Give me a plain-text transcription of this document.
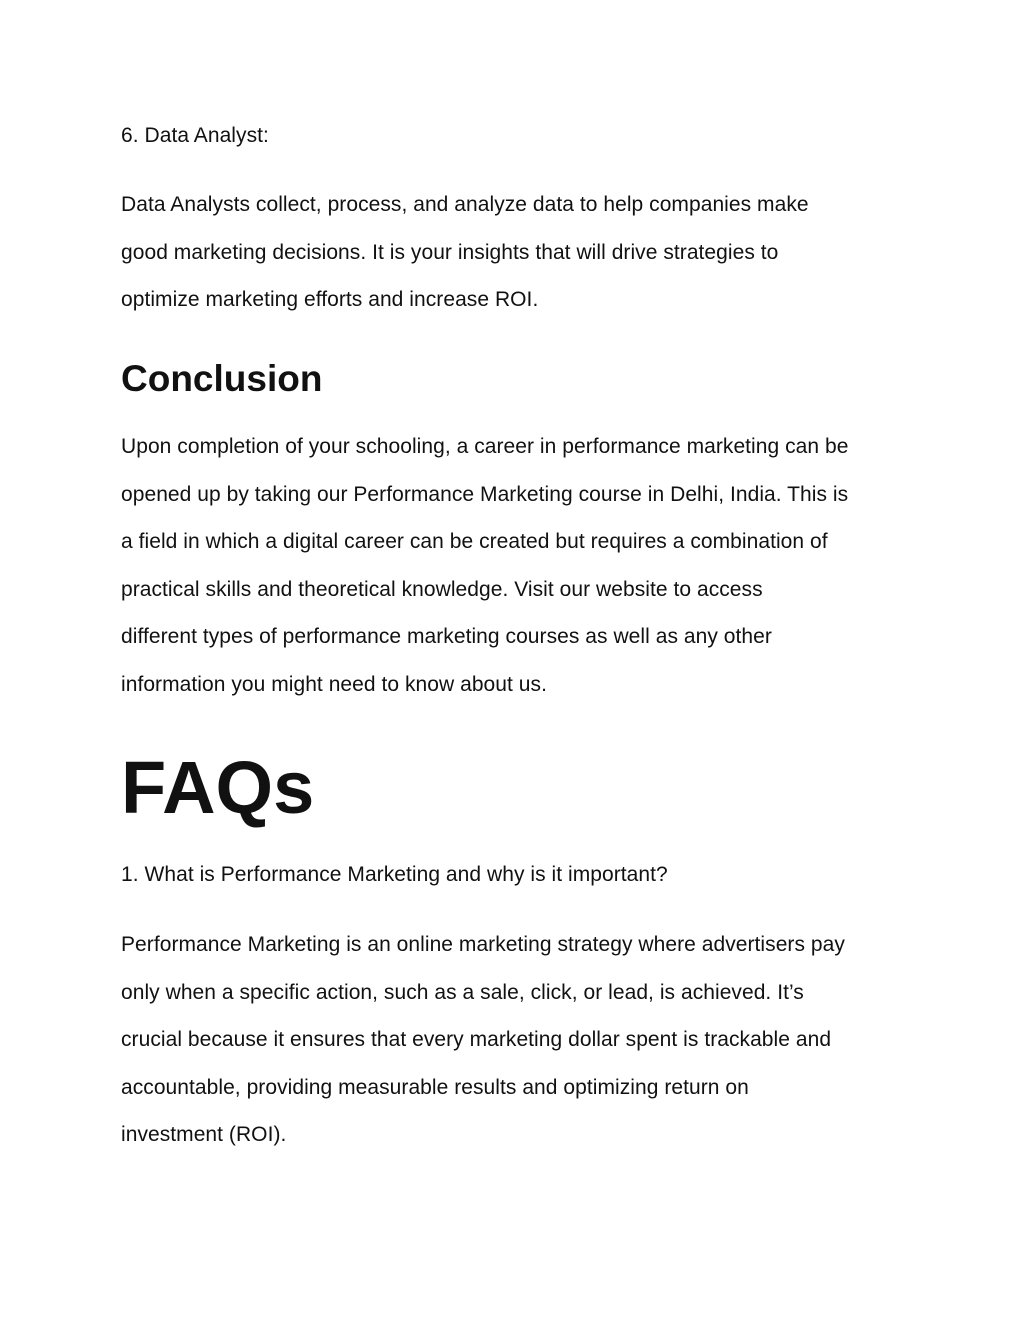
6. Data Analyst:

Data Analysts collect, process, and analyze data to help companies make
good marketing decisions. It is your insights that will drive strategies to
optimize marketing efforts and increase ROI.

Conclusion

Upon completion of your schooling, a career in performance marketing can be
opened up by taking our Performance Marketing course in Delhi, India. This is
a field in which a digital career can be created but requires a combination of
practical skills and theoretical knowledge. Visit our website to access
different types of performance marketing courses as well as any other
information you might need to know about us.

FAQs

1. What is Performance Marketing and why is it important?

Performance Marketing is an online marketing strategy where advertisers pay
only when a specific action, such as a sale, click, or lead, is achieved. It’s
crucial because it ensures that every marketing dollar spent is trackable and
accountable, providing measurable results and optimizing return on
investment (ROI).
